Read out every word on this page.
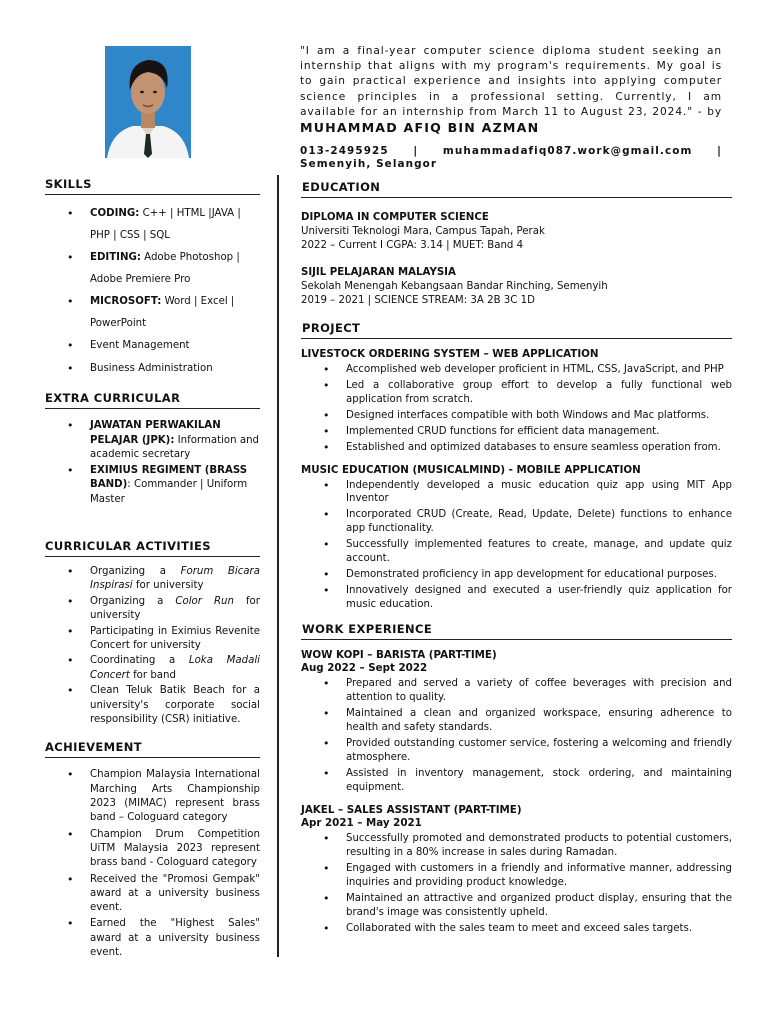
"I am a final-year computer science diploma student seeking an internship that aligns with my program's requirements. My goal is to gain practical experience and insights into applying computer science principles in a professional setting. Currently, I am available for an internship from March 11 to August 23, 2024." - by MUHAMMAD AFIQ BIN AZMAN

013-2495925 | muhammadafiq087.work@gmail.com | Semenyih, Selangor

SKILLS
• CODING: C++ | HTML |JAVA | PHP | CSS | SQL
• EDITING: Adobe Photoshop | Adobe Premiere Pro
• MICROSOFT: Word | Excel | PowerPoint
• Event Management
• Business Administration
EXTRA CURRICULAR
• JAWATAN PERWAKILAN PELAJAR (JPK): Information and academic secretary
• EXIMIUS REGIMENT (BRASS BAND): Commander | Uniform Master
CURRICULAR ACTIVITIES
• Organizing a Forum Bicara Inspirasi for university
• Organizing a Color Run for university
• Participating in Eximius Revenite Concert for university
• Coordinating a Loka Madali Concert for band
• Clean Teluk Batik Beach for a university's corporate social responsibility (CSR) initiative.
ACHIEVEMENT
• Champion Malaysia International Marching Arts Championship 2023 (MIMAC) represent brass band – Cologuard category
• Champion Drum Competition UiTM Malaysia 2023 represent brass band - Cologuard category
• Received the "Promosi Gempak" award at a university business event.
• Earned the "Highest Sales" award at a university business event.
EDUCATION
DIPLOMA IN COMPUTER SCIENCE
Universiti Teknologi Mara, Campus Tapah, Perak
2022 – Current I CGPA: 3.14 | MUET: Band 4
SIJIL PELAJARAN MALAYSIA
Sekolah Menengah Kebangsaan Bandar Rinching, Semenyih
2019 – 2021 | SCIENCE STREAM: 3A 2B 3C 1D
PROJECT
LIVESTOCK ORDERING SYSTEM – WEB APPLICATION
• Accomplished web developer proficient in HTML, CSS, JavaScript, and PHP
• Led a collaborative group effort to develop a fully functional web application from scratch.
• Designed interfaces compatible with both Windows and Mac platforms.
• Implemented CRUD functions for efficient data management.
• Established and optimized databases to ensure seamless operation from.
MUSIC EDUCATION (MUSICALMIND) - MOBILE APPLICATION
• Independently developed a music education quiz app using MIT App Inventor
• Incorporated CRUD (Create, Read, Update, Delete) functions to enhance app functionality.
• Successfully implemented features to create, manage, and update quiz account.
• Demonstrated proficiency in app development for educational purposes.
• Innovatively designed and executed a user-friendly quiz application for music education.
WORK EXPERIENCE
WOW KOPI – BARISTA (PART-TIME)
Aug 2022 – Sept 2022
• Prepared and served a variety of coffee beverages with precision and attention to quality.
• Maintained a clean and organized workspace, ensuring adherence to health and safety standards.
• Provided outstanding customer service, fostering a welcoming and friendly atmosphere.
• Assisted in inventory management, stock ordering, and maintaining equipment.
JAKEL – SALES ASSISTANT (PART-TIME)
Apr 2021 – May 2021
• Successfully promoted and demonstrated products to potential customers, resulting in a 80% increase in sales during Ramadan.
• Engaged with customers in a friendly and informative manner, addressing inquiries and providing product knowledge.
• Maintained an attractive and organized product display, ensuring that the brand's image was consistently upheld.
• Collaborated with the sales team to meet and exceed sales targets.
